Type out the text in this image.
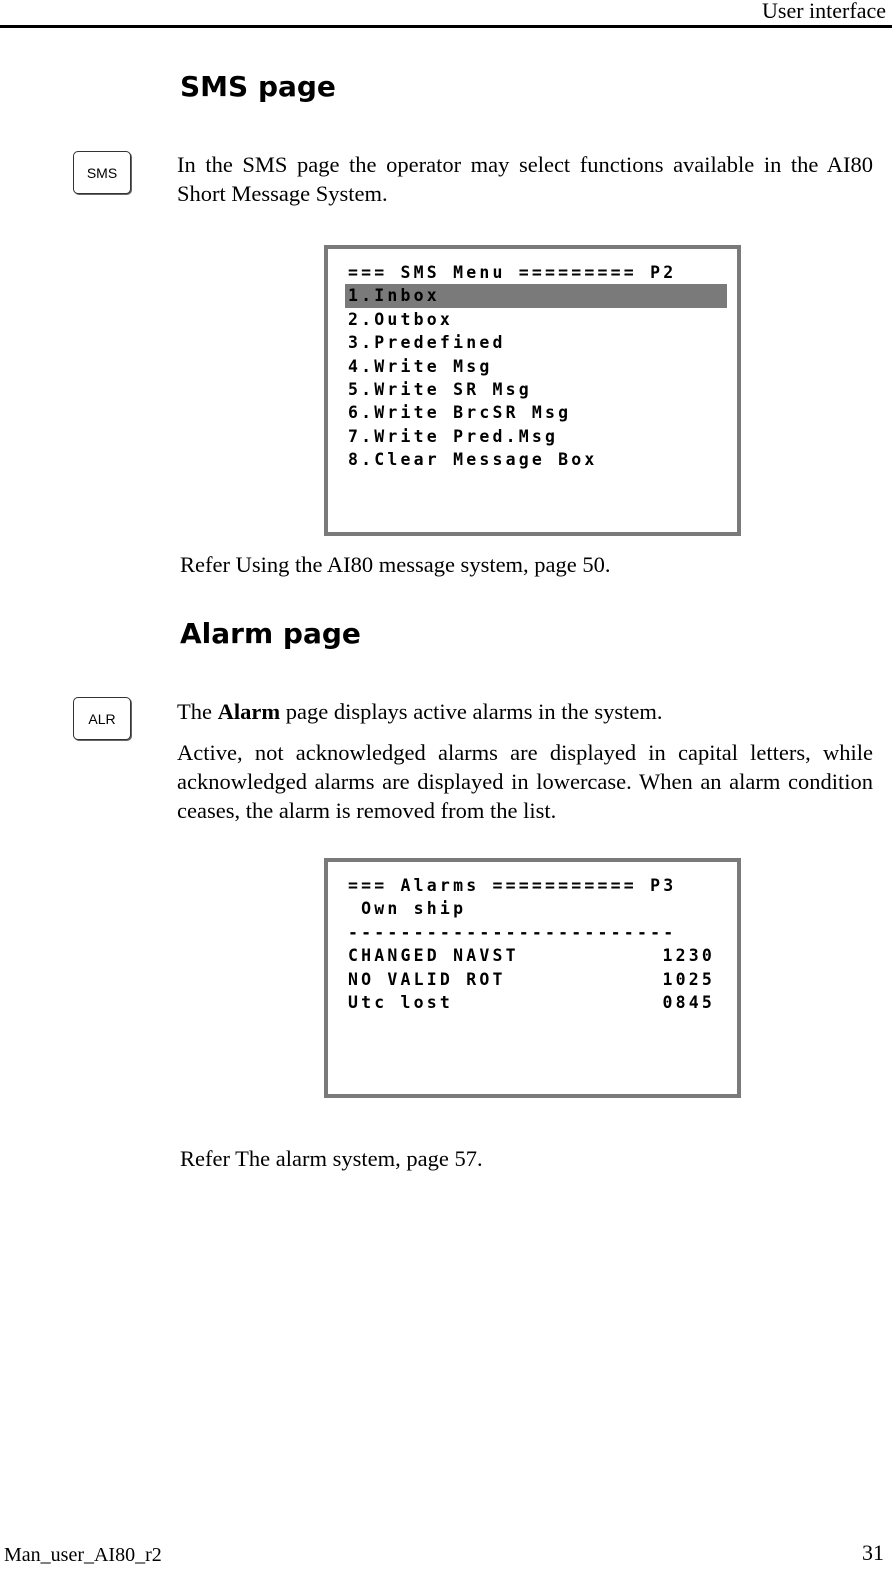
User interface
SMS page
SMS	In the SMS page the operator may select functions available in the AI80 Short Message System.

=== SMS Menu ========= P2
1.Inbox
2.Outbox
3.Predefined
4.Write Msg
5.Write SR Msg
6.Write BrcSR Msg
7.Write Pred.Msg
8.Clear Message Box

Refer Using the AI80 message system, page 50.

Alarm page
ALR	The Alarm page displays active alarms in the system.

Active, not acknowledged alarms are displayed in capital letters, while acknowledged alarms are displayed in lowercase. When an alarm condition ceases, the alarm is removed from the list.

=== Alarms =========== P3
Own ship
-------------------------
CHANGED NAVST	1230
NO VALID ROT	1025
Utc lost	0845

Refer The alarm system, page 57.

Man_user_AI80_r2	31
